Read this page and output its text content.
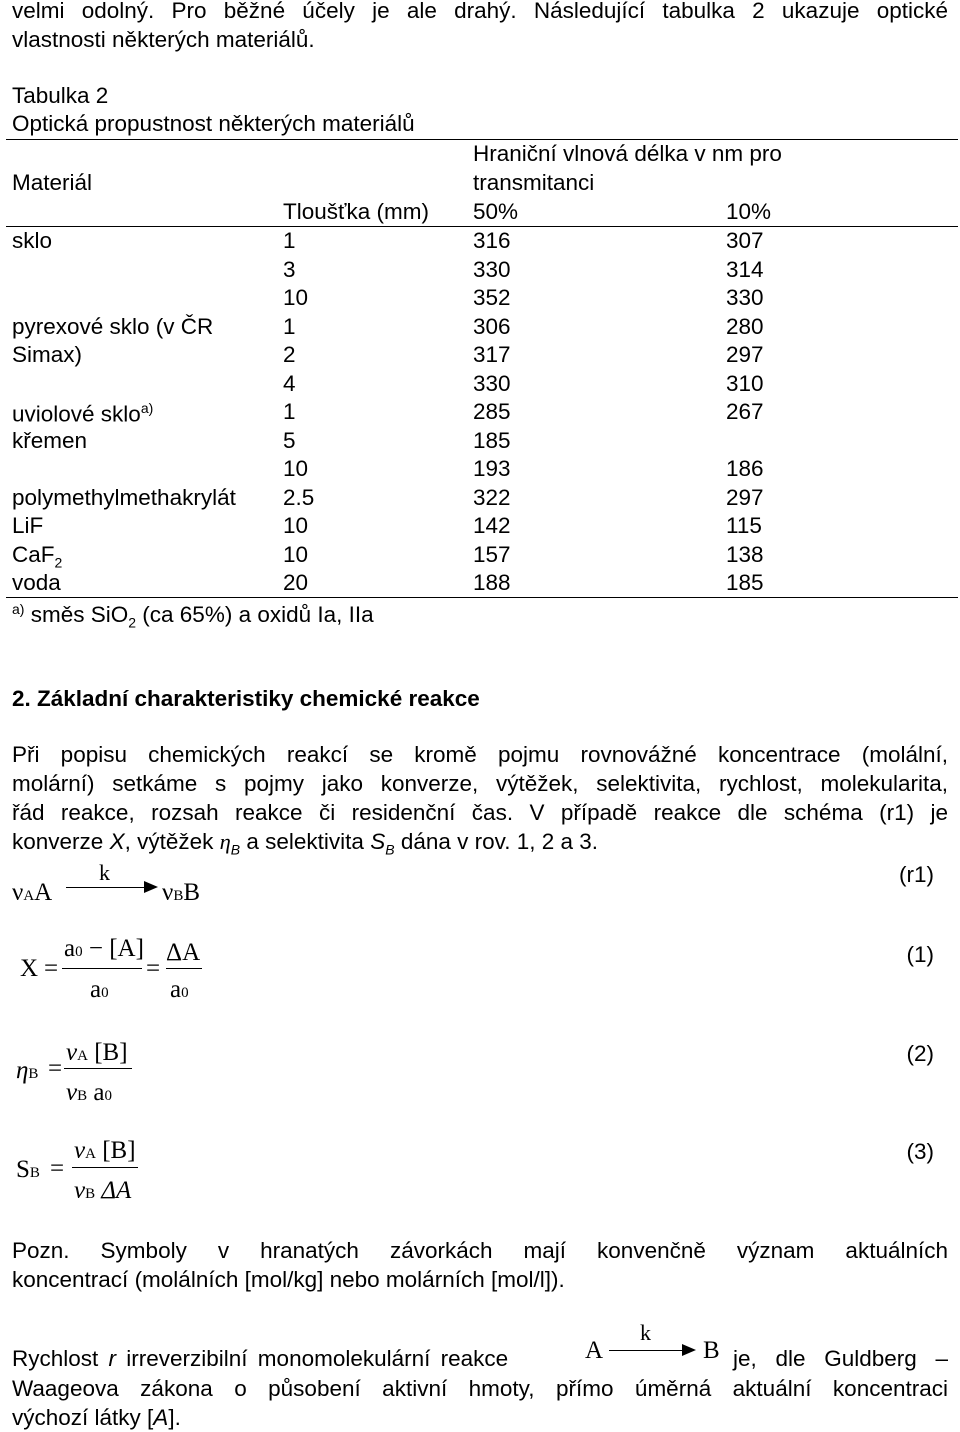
velmi odolný. Pro běžné účely je ale drahý. Následující tabulka 2 ukazuje optické
vlastnosti některých materiálů.
Tabulka 2
Optická propustnost některých materiálů
Materiál
Hraniční vlnová délka v nm pro
transmitanci
Tloušťka (mm) 50%	10%
sklo	1	316	307
3	330	314
10	352	330
pyrexové sklo (v ČR	1	306	280
Simax)	2	317	297
4	330	310
uviolové sklo$^{a)}$	1	285	267
křemen	5	185
10	193	186
polymethylmethakrylát 2.5	322	297
LiF	10	142	115
CaF$_2$	10	157	138
voda	20	188	185
$^{a)}$ směs SiO$_2$ (ca 65%) a oxidů Ia, IIa
2. Základní charakteristiky chemické reakce
Při popisu chemických reakcí se kromě pojmu rovnovážné koncentrace (molální,
molární) setkáme s pojmy jako konverze, výtěžek, selektivita, rychlost, molekularita,
řád reakce, rozsah reakce či residenční čas. V případě reakce dle schéma (r1) je
konverze X, výtěžek $\eta_B$ a selektivita $S_B$ dána v rov. 1, 2 a 3.
νAA
k
νBB
(r1)
X =
a0 − [A]
a0
=
ΔA
a0
(1)
ηB =
νA [B]
νB a0
(2)
SB =
νA [B]
νB ΔA
(3)
Pozn. Symboly v hranatých závorkách mají konvenčně význam aktuálních
koncentrací (molálních [mol/kg] nebo molárních [mol/l]).
Rychlost r irreverzibilní monomolekulární reakce	A
k
B je, dle Guldberg –
Waageova zákona o působení aktivní hmoty, přímo úměrná aktuální koncentraci
výchozí látky [A].
